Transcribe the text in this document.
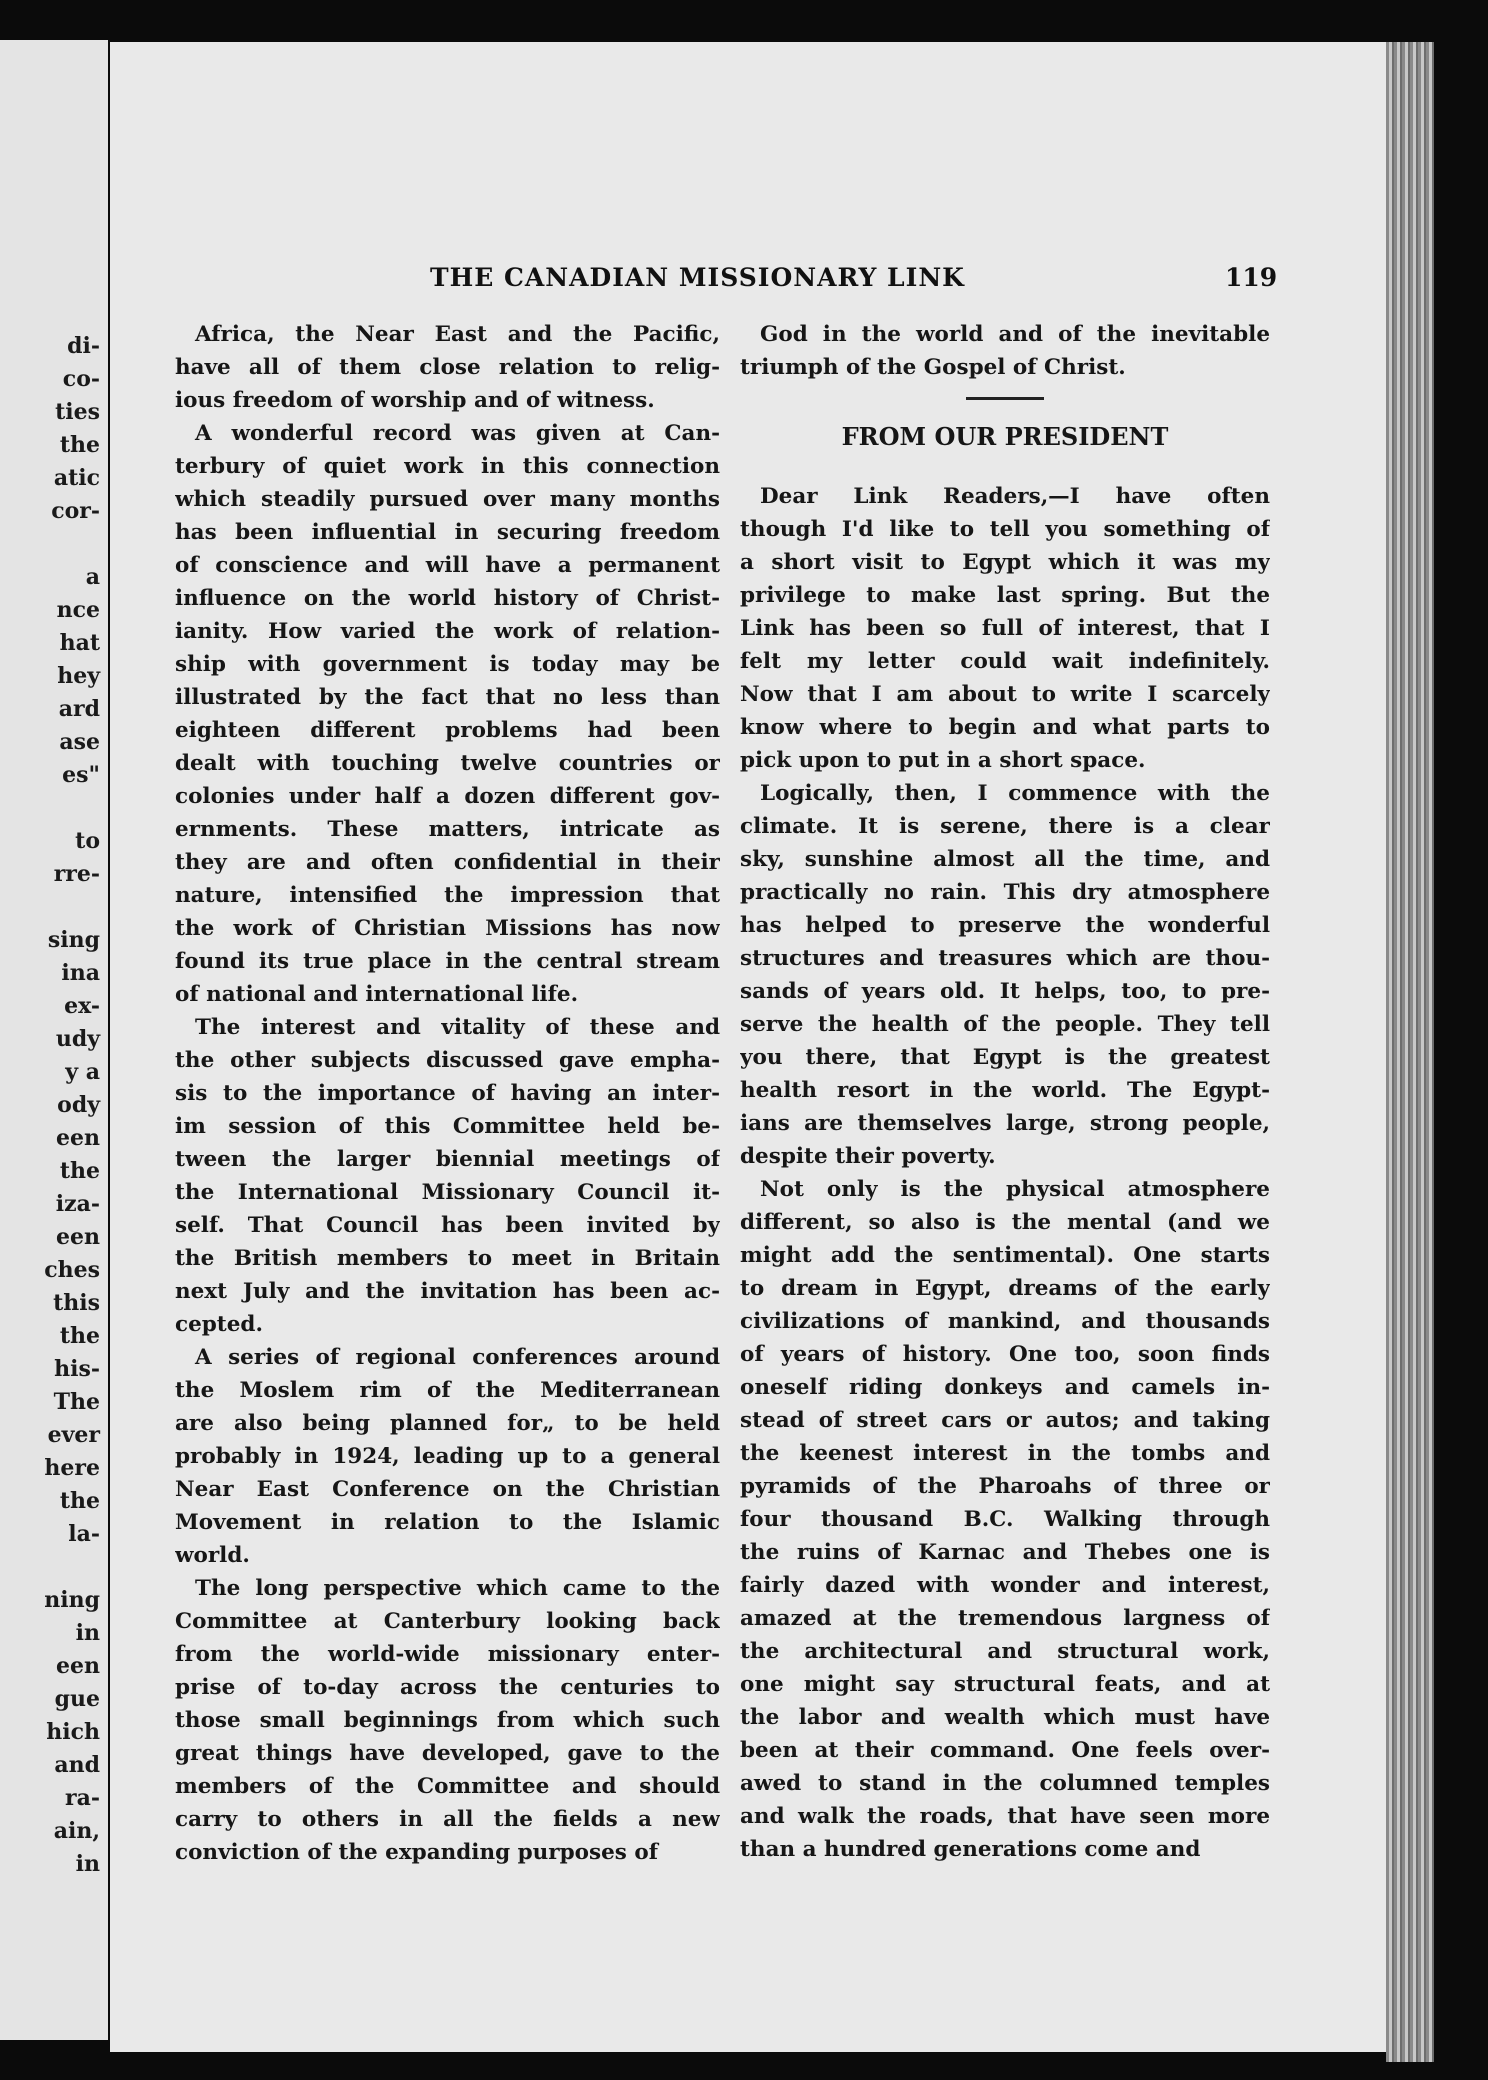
di-
co-
ties
the
atic
cor-
a
nce
hat
hey
ard
ase
es"
to
rre-
sing
ina
ex-
udy
y a
ody
een
the
iza-
een
ches
this
the
his-
The
ever
here
the
la-
ning
in
een
gue
hich
and
ra-
ain,
in
THE CANADIAN MISSIONARY LINK	119

Africa, the Near East and the Pacific,
have all of them close relation to relig-
ious freedom of worship and of witness.

A wonderful record was given at Can-
terbury of quiet work in this connection
which steadily pursued over many months
has been influential in securing freedom
of conscience and will have a permanent
influence on the world history of Christ-
ianity. How varied the work of relation-
ship with government is today may be
illustrated by the fact that no less than
eighteen different problems had been
dealt with touching twelve countries or
colonies under half a dozen different gov-
ernments. These matters, intricate as
they are and often confidential in their
nature, intensified the impression that
the work of Christian Missions has now
found its true place in the central stream
of national and international life.

The interest and vitality of these and
the other subjects discussed gave empha-
sis to the importance of having an inter-
im session of this Committee held be-
tween the larger biennial meetings of
the International Missionary Council it-
self. That Council has been invited by
the British members to meet in Britain
next July and the invitation has been ac-
cepted.

A series of regional conferences around
the Moslem rim of the Mediterranean
are also being planned for„ to be held
probably in 1924, leading up to a general
Near East Conference on the Christian
Movement in relation to the Islamic
world.

The long perspective which came to the
Committee at Canterbury looking back
from the world-wide missionary enter-
prise of to-day across the centuries to
those small beginnings from which such
great things have developed, gave to the
members of the Committee and should
carry to others in all the fields a new
conviction of the expanding purposes of

God in the world and of the inevitable
triumph of the Gospel of Christ.

FROM OUR PRESIDENT

Dear Link Readers,—I have often
though I'd like to tell you something of
a short visit to Egypt which it was my
privilege to make last spring. But the
Link has been so full of interest, that I
felt my letter could wait indefinitely.
Now that I am about to write I scarcely
know where to begin and what parts to
pick upon to put in a short space.

Logically, then, I commence with the
climate. It is serene, there is a clear
sky, sunshine almost all the time, and
practically no rain. This dry atmosphere
has helped to preserve the wonderful
structures and treasures which are thou-
sands of years old. It helps, too, to pre-
serve the health of the people. They tell
you there, that Egypt is the greatest
health resort in the world. The Egypt-
ians are themselves large, strong people,
despite their poverty.

Not only is the physical atmosphere
different, so also is the mental (and we
might add the sentimental). One starts
to dream in Egypt, dreams of the early
civilizations of mankind, and thousands
of years of history. One too, soon finds
oneself riding donkeys and camels in-
stead of street cars or autos; and taking
the keenest interest in the tombs and
pyramids of the Pharoahs of three or
four thousand B.C. Walking through
the ruins of Karnac and Thebes one is
fairly dazed with wonder and interest,
amazed at the tremendous largness of
the architectural and structural work,
one might say structural feats, and at
the labor and wealth which must have
been at their command. One feels over-
awed to stand in the columned temples
and walk the roads, that have seen more
than a hundred generations come and
